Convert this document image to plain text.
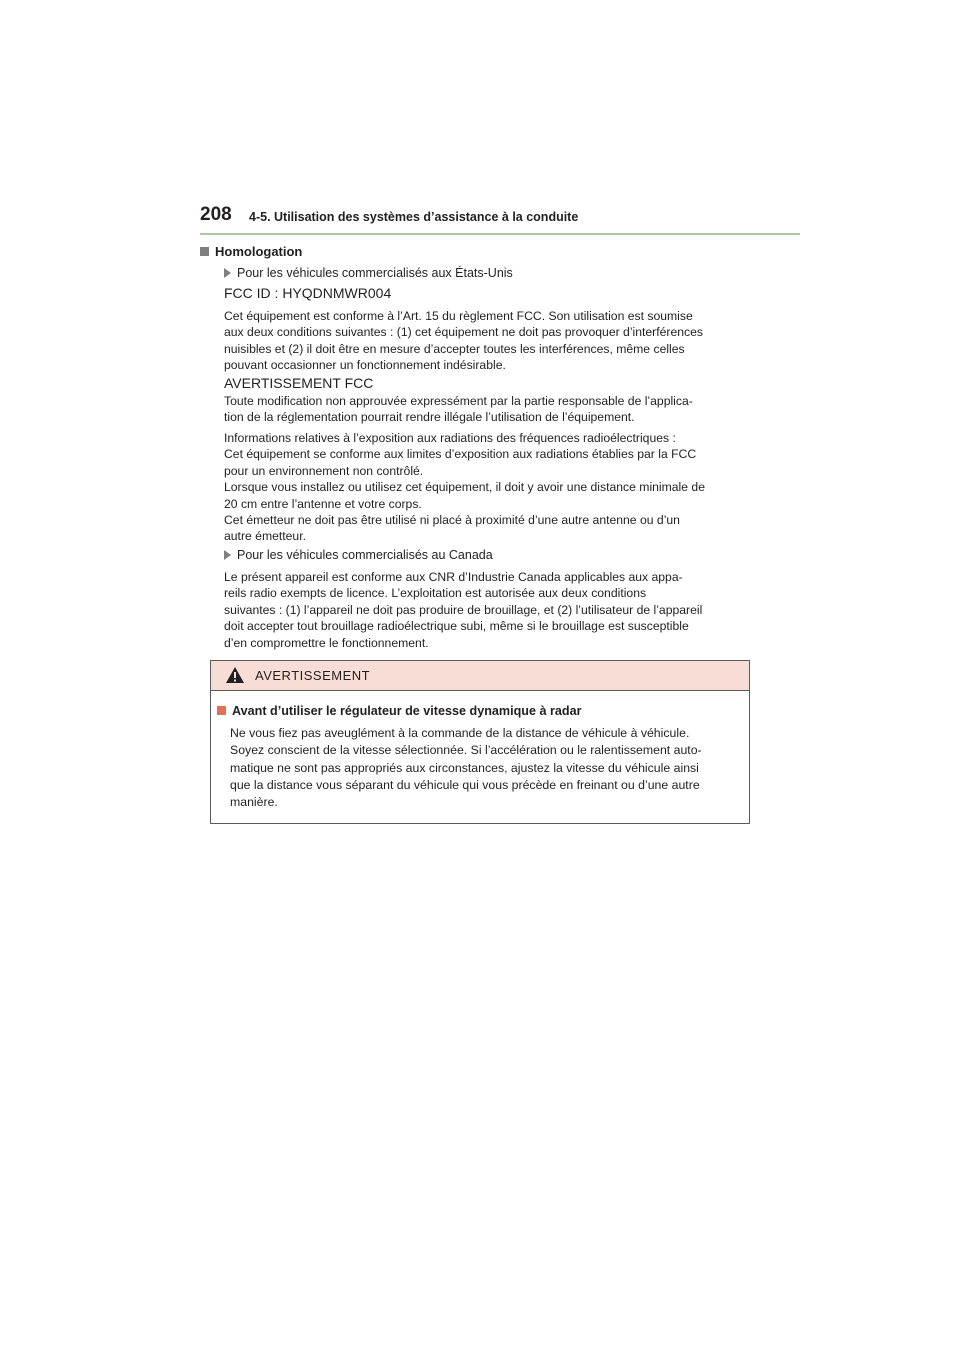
208 4-5. Utilisation des systèmes d’assistance à la conduite
Homologation
Pour les véhicules commercialisés aux États-Unis
FCC ID : HYQDNMWR004
Cet équipement est conforme à l’Art. 15 du règlement FCC. Son utilisation est soumise
aux deux conditions suivantes : (1) cet équipement ne doit pas provoquer d’interférences
nuisibles et (2) il doit être en mesure d’accepter toutes les interférences, même celles
pouvant occasionner un fonctionnement indésirable.
AVERTISSEMENT FCC
Toute modification non approuvée expressément par la partie responsable de l’applica-
tion de la réglementation pourrait rendre illégale l’utilisation de l’équipement.
Informations relatives à l’exposition aux radiations des fréquences radioélectriques :
Cet équipement se conforme aux limites d’exposition aux radiations établies par la FCC
pour un environnement non contrôlé.
Lorsque vous installez ou utilisez cet équipement, il doit y avoir une distance minimale de
20 cm entre l’antenne et votre corps.
Cet émetteur ne doit pas être utilisé ni placé à proximité d’une autre antenne ou d’un
autre émetteur.
Pour les véhicules commercialisés au Canada
Le présent appareil est conforme aux CNR d’Industrie Canada applicables aux appa-
reils radio exempts de licence. L’exploitation est autorisée aux deux conditions
suivantes : (1) l’appareil ne doit pas produire de brouillage, et (2) l’utilisateur de l’appareil
doit accepter tout brouillage radioélectrique subi, même si le brouillage est susceptible
d’en compromettre le fonctionnement.
AVERTISSEMENT
Avant d’utiliser le régulateur de vitesse dynamique à radar
Ne vous fiez pas aveuglément à la commande de la distance de véhicule à véhicule.
Soyez conscient de la vitesse sélectionnée. Si l’accélération ou le ralentissement auto-
matique ne sont pas appropriés aux circonstances, ajustez la vitesse du véhicule ainsi
que la distance vous séparant du véhicule qui vous précède en freinant ou d’une autre
manière.
